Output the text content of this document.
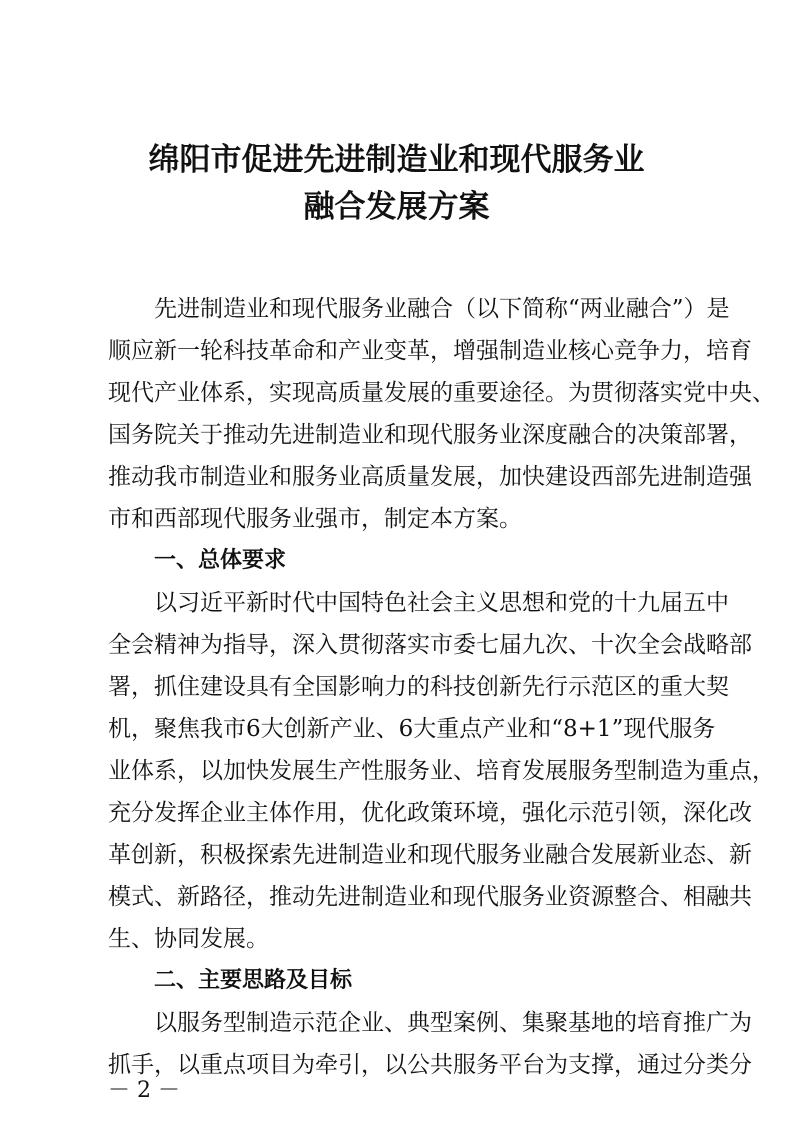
绵阳市促进先进制造业和现代服务业
融合发展方案
先进制造业和现代服务业融合（以下简称“两业融合”）是
顺应新一轮科技革命和产业变革，增强制造业核心竞争力，培育
现代产业体系，实现高质量发展的重要途径。为贯彻落实党中央、
国务院关于推动先进制造业和现代服务业深度融合的决策部署，
推动我市制造业和服务业高质量发展，加快建设西部先进制造强
市和西部现代服务业强市，制定本方案。
一、总体要求
以习近平新时代中国特色社会主义思想和党的十九届五中
全会精神为指导，深入贯彻落实市委七届九次、十次全会战略部
署，抓住建设具有全国影响力的科技创新先行示范区的重大契
机，聚焦我市6大创新产业、6大重点产业和“8+1”现代服务
业体系，以加快发展生产性服务业、培育发展服务型制造为重点，
充分发挥企业主体作用，优化政策环境，强化示范引领，深化改
革创新，积极探索先进制造业和现代服务业融合发展新业态、新
模式、新路径，推动先进制造业和现代服务业资源整合、相融共
生、协同发展。
二、主要思路及目标
以服务型制造示范企业、典型案例、集聚基地的培育推广为
抓手，以重点项目为牵引，以公共服务平台为支撑，通过分类分
－ 2 －
